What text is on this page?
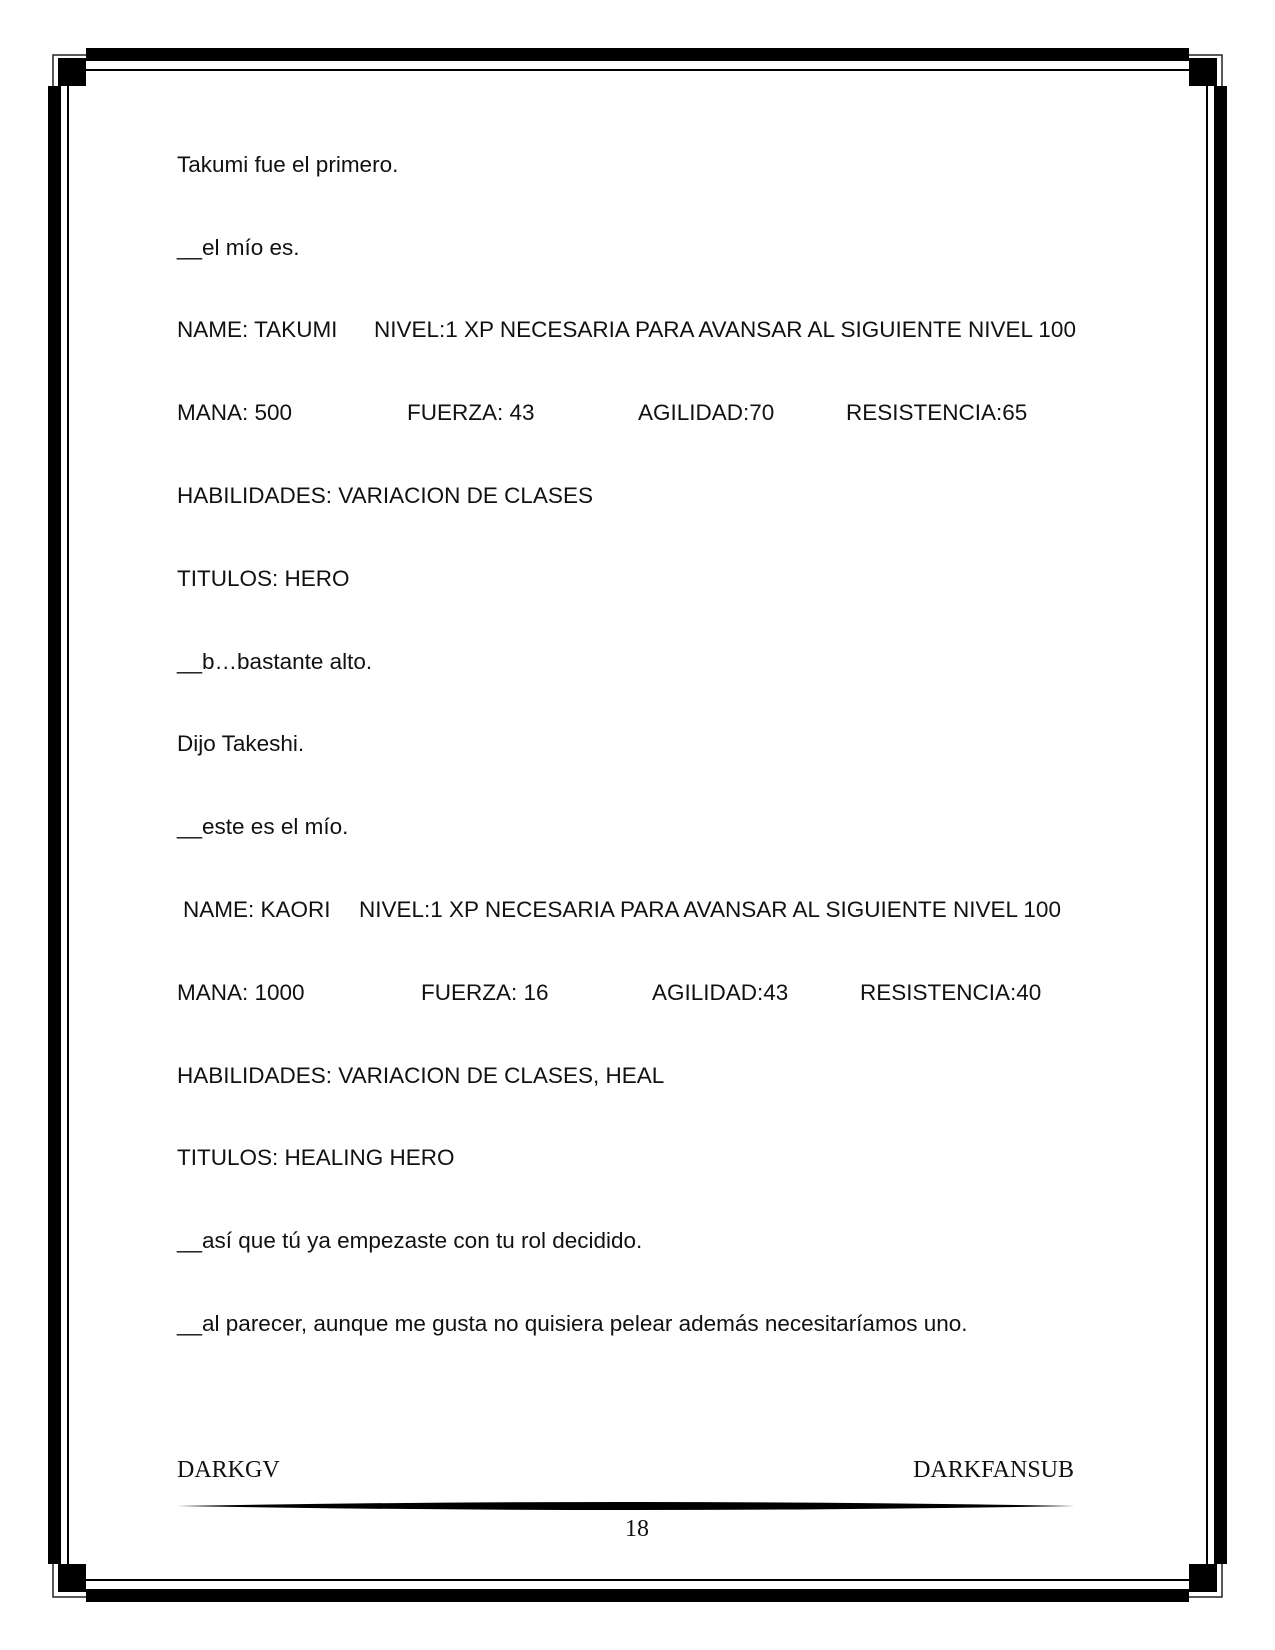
Takumi fue el primero.

__el mío es.

NAME: TAKUMI NIVEL:1 XP NECESARIA PARA AVANSAR AL SIGUIENTE NIVEL 100

MANA: 500	FUERZA: 43	AGILIDAD:70	RESISTENCIA:65

HABILIDADES: VARIACION DE CLASES

TITULOS: HERO

__b…bastante alto.

Dijo Takeshi.

__este es el mío.

NAME: KAORI NIVEL:1 XP NECESARIA PARA AVANSAR AL SIGUIENTE NIVEL 100

MANA: 1000	FUERZA: 16	AGILIDAD:43	RESISTENCIA:40

HABILIDADES: VARIACION DE CLASES, HEAL

TITULOS: HEALING HERO

__así que tú ya empezaste con tu rol decidido.

__al parecer, aunque me gusta no quisiera pelear además necesitaríamos uno.

DARKGV	DARKFANSUB

18
